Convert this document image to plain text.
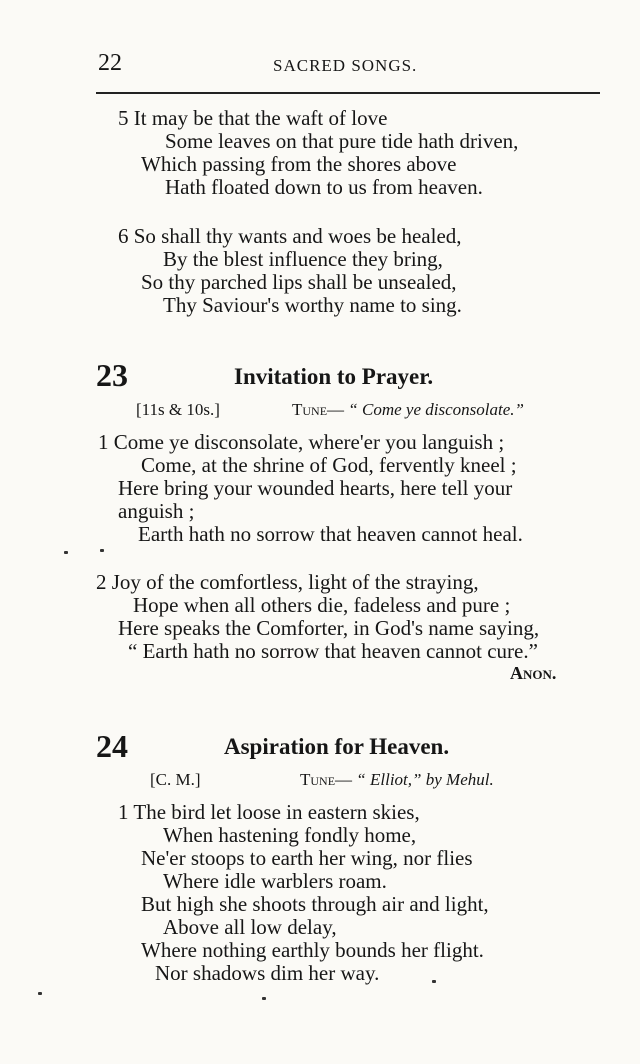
22	SACRED SONGS.
5 It may be that the waft of love
Some leaves on that pure tide hath driven,
Which passing from the shores above
Hath floated down to us from heaven.
6 So shall thy wants and woes be healed,
By the blest influence they bring,
So thy parched lips shall be unsealed,
Thy Saviour's worthy name to sing.
23	Invitation to Prayer.
[11s & 10s.]	Tune— “ Come ye disconsolate.”
1 Come ye disconsolate, where'er you languish ;
Come, at the shrine of God, fervently kneel ;
Here bring your wounded hearts, here tell your
anguish ;
Earth hath no sorrow that heaven cannot heal.
2 Joy of the comfortless, light of the straying,
Hope when all others die, fadeless and pure ;
Here speaks the Comforter, in God's name saying,
“ Earth hath no sorrow that heaven cannot cure.”
Anon.
24	Aspiration for Heaven.
[C. M.]	Tune— “ Elliot,” by Mehul.
1 The bird let loose in eastern skies,
When hastening fondly home,
Ne'er stoops to earth her wing, nor flies
Where idle warblers roam.
But high she shoots through air and light,
Above all low delay,
Where nothing earthly bounds her flight.
Nor shadows dim her way.
